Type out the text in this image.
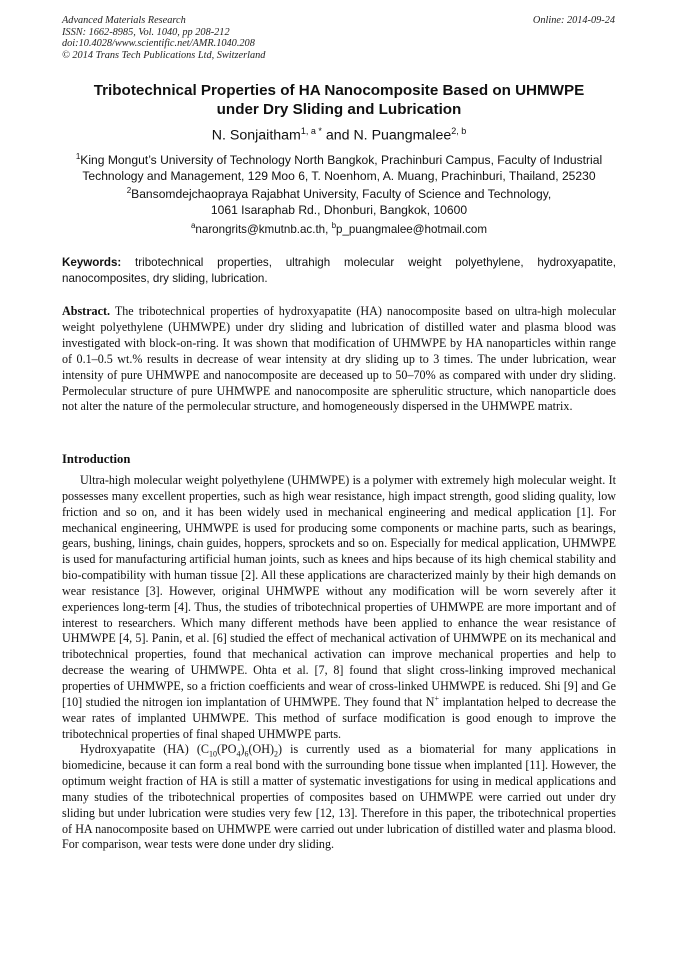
Advanced Materials Research
ISSN: 1662-8985, Vol. 1040, pp 208-212
doi:10.4028/www.scientific.net/AMR.1040.208
© 2014 Trans Tech Publications Ltd, Switzerland
Online: 2014-09-24
Tribotechnical Properties of HA Nanocomposite Based on UHMWPE
under Dry Sliding and Lubrication
N. Sonjaitham$^{1, a *}$ and N. Puangmalee$^{2, b}$
$^1$King Mongut’s University of Technology North Bangkok, Prachinburi Campus, Faculty of Industrial
Technology and Management, 129 Moo 6, T. Noenhom, A. Muang, Prachinburi, Thailand, 25230
$^2$Bansomdejchaopraya Rajabhat University, Faculty of Science and Technology,
1061 Isaraphab Rd., Dhonburi, Bangkok, 10600
$^a$narongrits@kmutnb.ac.th, $^b$p_puangmalee@hotmail.com
Keywords: tribotechnical properties, ultrahigh molecular weight polyethylene, hydroxyapatite, nanocomposites, dry sliding, lubrication.

Abstract. The tribotechnical properties of hydroxyapatite (HA) nanocomposite based on ultra-high molecular weight polyethylene (UHMWPE) under dry sliding and lubrication of distilled water and plasma blood was investigated with block-on-ring. It was shown that modification of UHMWPE by HA nanoparticles within range of 0.1–0.5 wt.% results in decrease of wear intensity at dry sliding up to 3 times. The under lubrication, wear intensity of pure UHMWPE and nanocomposite are deceased up to 50–70% as compared with under dry sliding. Permolecular structure of pure UHMWPE and nanocomposite are spherulitic structure, which nanoparticle does not alter the nature of the permolecular structure, and homogeneously dispersed in the UHMWPE matrix.

Introduction

Ultra-high molecular weight polyethylene (UHMWPE) is a polymer with extremely high molecular weight. It possesses many excellent properties, such as high wear resistance, high impact strength, good sliding quality, low friction and so on, and it has been widely used in mechanical engineering and medical application [1]. For mechanical engineering, UHMWPE is used for producing some components or machine parts, such as bearings, gears, bushing, linings, chain guides, hoppers, sprockets and so on. Especially for medical application, UHMWPE is used for manufacturing artificial human joints, such as knees and hips because of its high chemical stability and bio-compatibility with human tissue [2]. All these applications are characterized mainly by their high demands on wear resistance [3]. However, original UHMWPE without any modification will be worn severely after it experiences long-term [4]. Thus, the studies of tribotechnical properties of UHMWPE are more important and of interest to researchers. Which many different methods have been applied to enhance the wear resistance of UHMWPE [4, 5]. Panin, et al. [6] studied the effect of mechanical activation of UHMWPE on its mechanical and tribotechnical properties, found that mechanical activation can improve mechanical properties and help to decrease the wearing of UHMWPE. Ohta et al. [7, 8] found that slight cross-linking improved mechanical properties of UHMWPE, so a friction coefficients and wear of cross-linked UHMWPE is reduced. Shi [9] and Ge [10] studied the nitrogen ion implantation of UHMWPE. They found that N+ implantation helped to decrease the wear rates of implanted UHMWPE. This method of surface modification is good enough to improve the tribotechnical properties of final shaped UHMWPE parts.

Hydroxyapatite (HA) $(C_{10}(PO_4)_6(OH)_2)$ is currently used as a biomaterial for many applications in biomedicine, because it can form a real bond with the surrounding bone tissue when implanted [11]. However, the optimum weight fraction of HA is still a matter of systematic investigations for using in medical applications and many studies of the tribotechnical properties of composites based on UHMWPE were carried out under dry sliding but under lubrication were studies very few [12, 13]. Therefore in this paper, the tribotechnical properties of HA nanocomposite based on UHMWPE were carried out under lubrication of distilled water and plasma blood. For comparison, wear tests were done under dry sliding.
